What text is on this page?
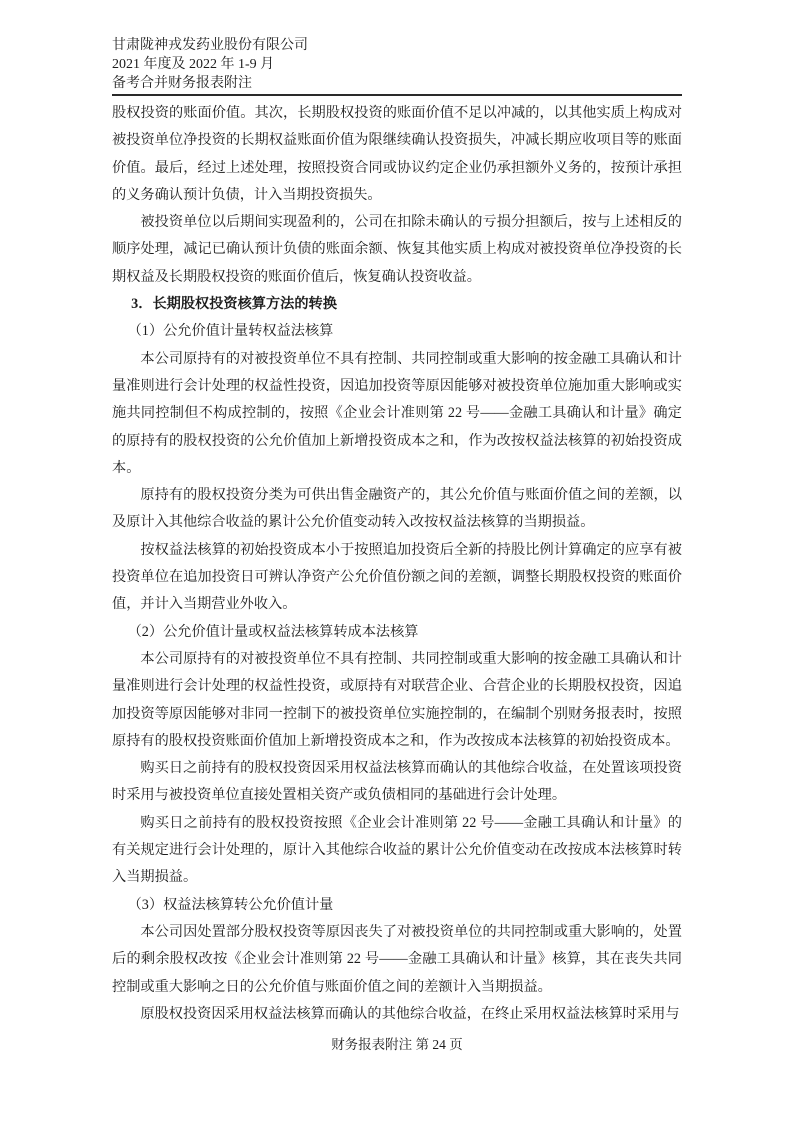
甘肃陇神戎发药业股份有限公司
2021 年度及 2022 年 1-9 月
备考合并财务报表附注

股权投资的账面价值。其次，长期股权投资的账面价值不足以冲减的，以其他实质上构成对被投资单位净投资的长期权益账面价值为限继续确认投资损失，冲减长期应收项目等的账面价值。最后，经过上述处理，按照投资合同或协议约定企业仍承担额外义务的，按预计承担的义务确认预计负债，计入当期投资损失。

被投资单位以后期间实现盈利的，公司在扣除未确认的亏损分担额后，按与上述相反的顺序处理，减记已确认预计负债的账面余额、恢复其他实质上构成对被投资单位净投资的长期权益及长期股权投资的账面价值后，恢复确认投资收益。

3．长期股权投资核算方法的转换

（1）公允价值计量转权益法核算

本公司原持有的对被投资单位不具有控制、共同控制或重大影响的按金融工具确认和计量准则进行会计处理的权益性投资，因追加投资等原因能够对被投资单位施加重大影响或实施共同控制但不构成控制的，按照《企业会计准则第 22 号——金融工具确认和计量》确定的原持有的股权投资的公允价值加上新增投资成本之和，作为改按权益法核算的初始投资成本。

原持有的股权投资分类为可供出售金融资产的，其公允价值与账面价值之间的差额，以及原计入其他综合收益的累计公允价值变动转入改按权益法核算的当期损益。

按权益法核算的初始投资成本小于按照追加投资后全新的持股比例计算确定的应享有被投资单位在追加投资日可辨认净资产公允价值份额之间的差额，调整长期股权投资的账面价值，并计入当期营业外收入。

（2）公允价值计量或权益法核算转成本法核算

本公司原持有的对被投资单位不具有控制、共同控制或重大影响的按金融工具确认和计量准则进行会计处理的权益性投资，或原持有对联营企业、合营企业的长期股权投资，因追加投资等原因能够对非同一控制下的被投资单位实施控制的，在编制个别财务报表时，按照原持有的股权投资账面价值加上新增投资成本之和，作为改按成本法核算的初始投资成本。

购买日之前持有的股权投资因采用权益法核算而确认的其他综合收益，在处置该项投资时采用与被投资单位直接处置相关资产或负债相同的基础进行会计处理。

购买日之前持有的股权投资按照《企业会计准则第 22 号——金融工具确认和计量》的有关规定进行会计处理的，原计入其他综合收益的累计公允价值变动在改按成本法核算时转入当期损益。

（3）权益法核算转公允价值计量

本公司因处置部分股权投资等原因丧失了对被投资单位的共同控制或重大影响的，处置后的剩余股权改按《企业会计准则第 22 号——金融工具确认和计量》核算，其在丧失共同控制或重大影响之日的公允价值与账面价值之间的差额计入当期损益。

原股权投资因采用权益法核算而确认的其他综合收益，在终止采用权益法核算时采用与

财务报表附注 第 24 页
